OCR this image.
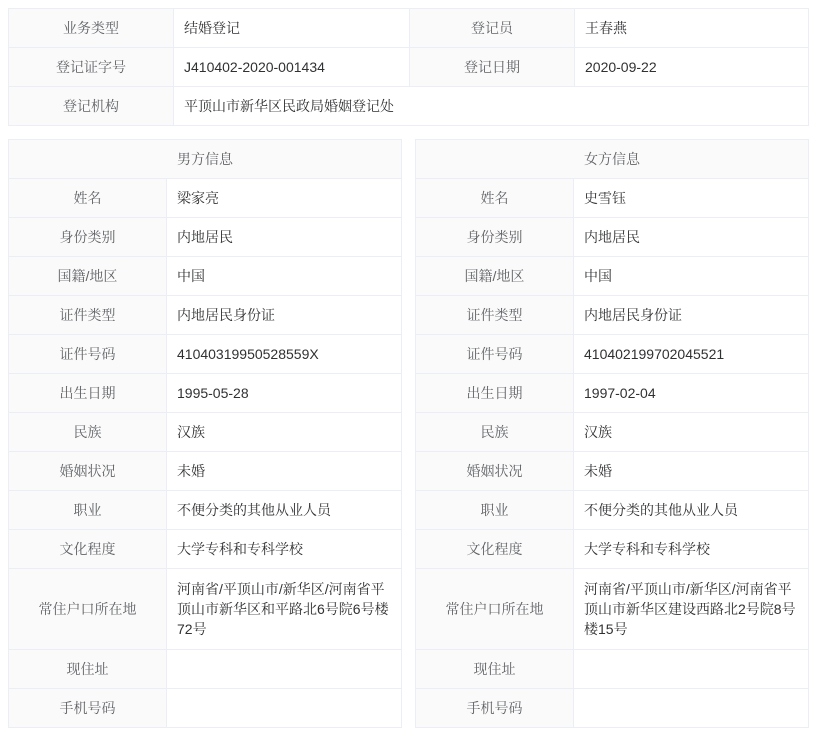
业务类型	结婚登记	登记员	王春燕
登记证字号	J410402-2020-001434	登记日期	2020-09-22
登记机构	平顶山市新华区民政局婚姻登记处		
男方信息	
姓名	梁家亮
身份类别	内地居民
国籍/地区	中国
证件类型	内地居民身份证
证件号码	41040319950528559X
出生日期	1995-05-28
民族	汉族
婚姻状况	未婚
职业	不便分类的其他从业人员
文化程度	大学专科和专科学校
常住户口所在地	河南省/平顶山市/新华区/河南省平顶山市新华区和平路北6号院6号楼72号
现住址	
手机号码	
女方信息	
姓名	史雪钰
身份类别	内地居民
国籍/地区	中国
证件类型	内地居民身份证
证件号码	410402199702045521
出生日期	1997-02-04
民族	汉族
婚姻状况	未婚
职业	不便分类的其他从业人员
文化程度	大学专科和专科学校
常住户口所在地	河南省/平顶山市/新华区/河南省平顶山市新华区建设西路北2号院8号楼15号
现住址	
手机号码	
